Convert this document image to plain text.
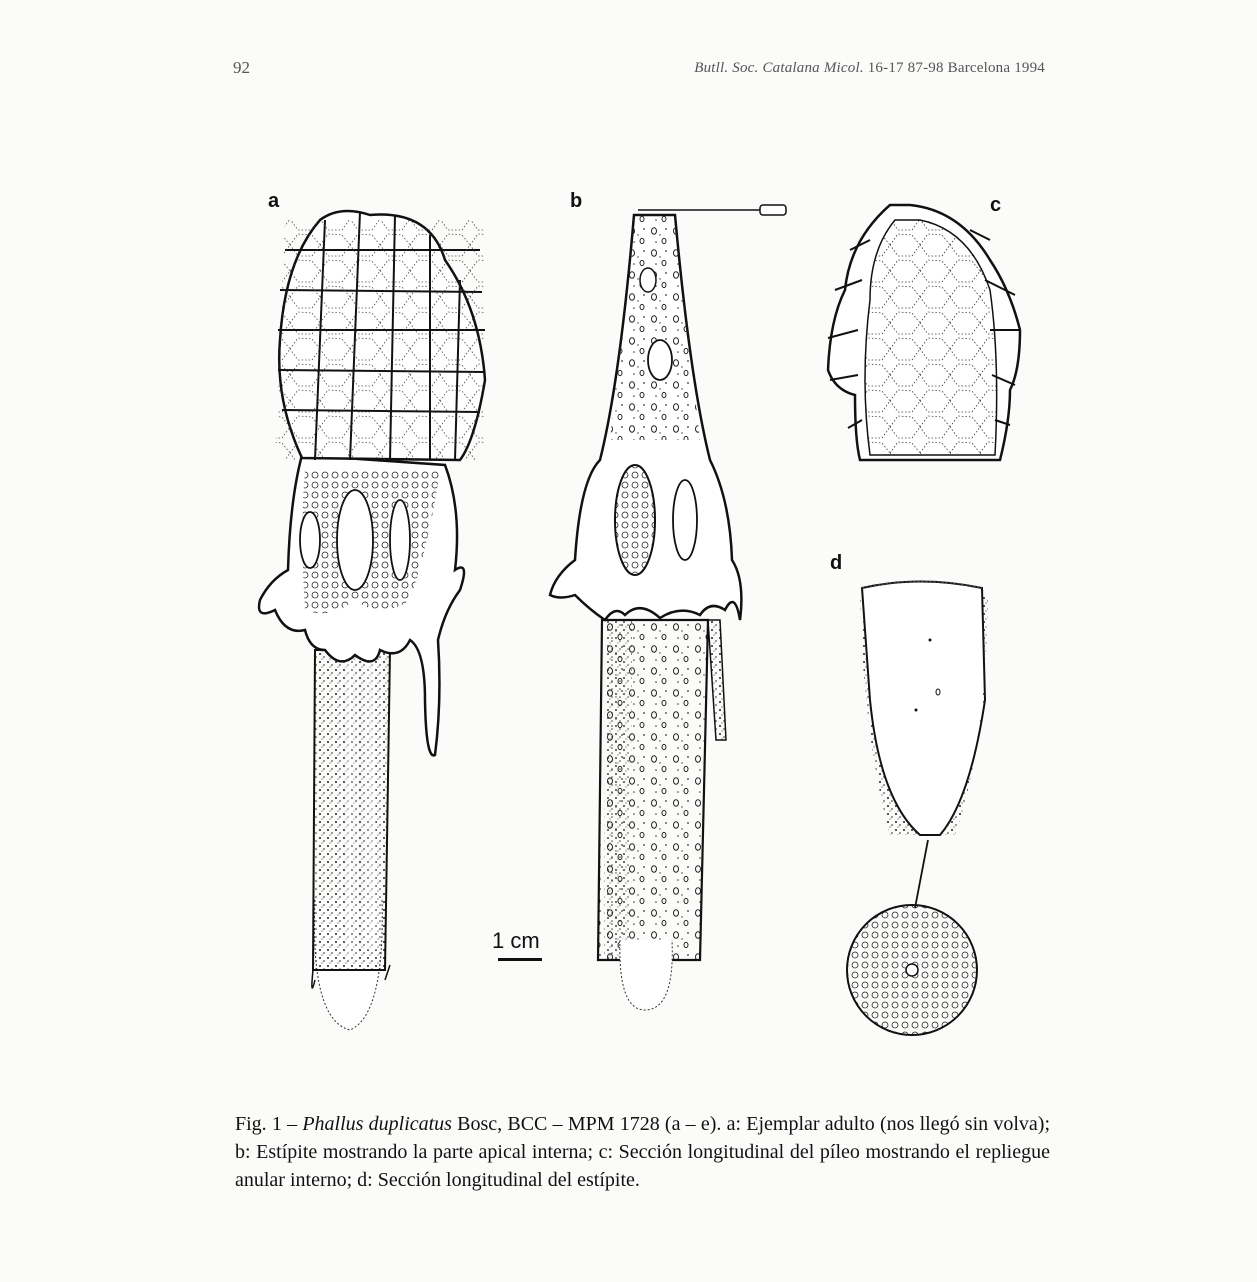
92	Butll. Soc. Catalana Micol. 16-17 87-98 Barcelona 1994
a	b	c
d
1 cm
Fig. 1 – Phallus duplicatus Bosc, BCC – MPM 1728 (a – e). a: Ejemplar adulto (nos llegó sin volva); b: Estípite mostrando la parte apical interna; c: Sección longitudinal del píleo mostrando el repliegue anular interno; d: Sección longitudinal del estípite.
